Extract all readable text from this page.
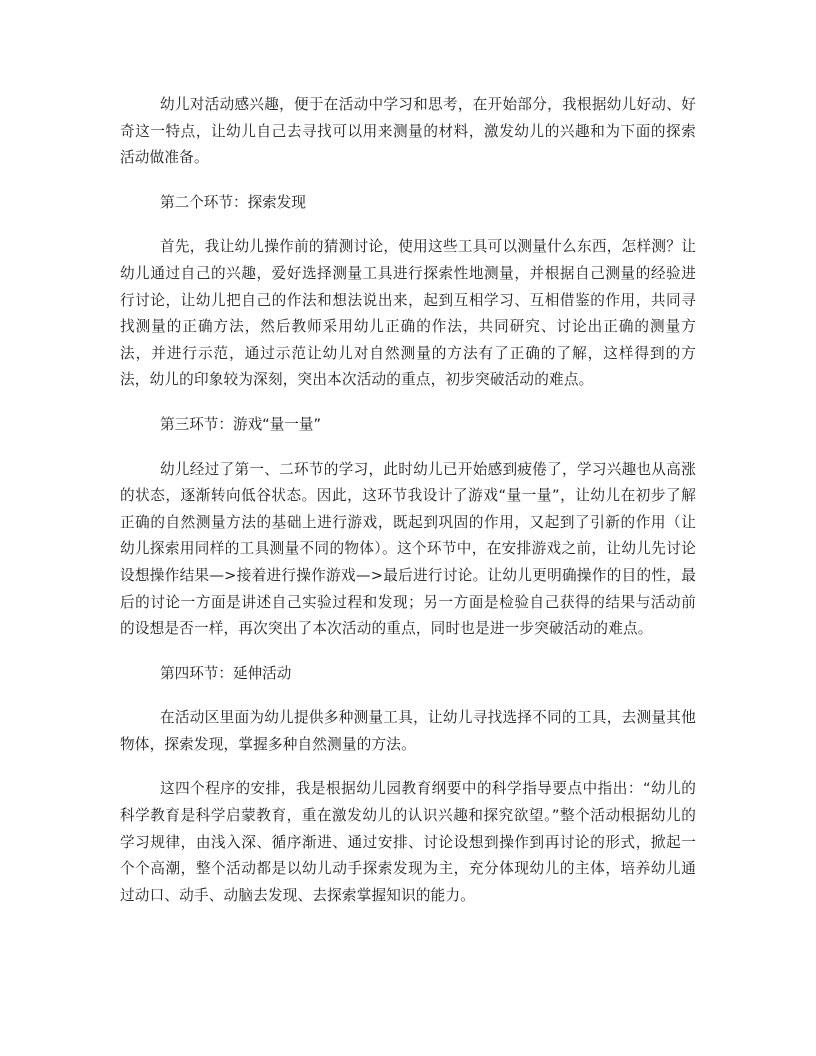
幼儿对活动感兴趣，便于在活动中学习和思考，在开始部分，我根据幼儿好动、好奇这一特点，让幼儿自己去寻找可以用来测量的材料，激发幼儿的兴趣和为下面的探索活动做准备。

第二个环节：探索发现

首先，我让幼儿操作前的猜测讨论，使用这些工具可以测量什么东西，怎样测？让幼儿通过自己的兴趣，爱好选择测量工具进行探索性地测量，并根据自己测量的经验进行讨论，让幼儿把自己的作法和想法说出来，起到互相学习、互相借鉴的作用，共同寻找测量的正确方法，然后教师采用幼儿正确的作法，共同研究、讨论出正确的测量方法，并进行示范，通过示范让幼儿对自然测量的方法有了正确的了解，这样得到的方法，幼儿的印象较为深刻，突出本次活动的重点，初步突破活动的难点。

第三环节：游戏“量一量”

幼儿经过了第一、二环节的学习，此时幼儿已开始感到疲倦了，学习兴趣也从高涨的状态，逐渐转向低谷状态。因此，这环节我设计了游戏“量一量”，让幼儿在初步了解正确的自然测量方法的基础上进行游戏，既起到巩固的作用，又起到了引新的作用（让幼儿探索用同样的工具测量不同的物体）。这个环节中，在安排游戏之前，让幼儿先讨论设想操作结果—>接着进行操作游戏—>最后进行讨论。让幼儿更明确操作的目的性，最后的讨论一方面是讲述自己实验过程和发现；另一方面是检验自己获得的结果与活动前的设想是否一样，再次突出了本次活动的重点，同时也是进一步突破活动的难点。

第四环节：延伸活动

在活动区里面为幼儿提供多种测量工具，让幼儿寻找选择不同的工具，去测量其他物体，探索发现，掌握多种自然测量的方法。

这四个程序的安排，我是根据幼儿园教育纲要中的科学指导要点中指出：“幼儿的科学教育是科学启蒙教育，重在激发幼儿的认识兴趣和探究欲望。”整个活动根据幼儿的学习规律，由浅入深、循序渐进、通过安排、讨论设想到操作到再讨论的形式，掀起一个个高潮，整个活动都是以幼儿动手探索发现为主，充分体现幼儿的主体，培养幼儿通过动口、动手、动脑去发现、去探索掌握知识的能力。
